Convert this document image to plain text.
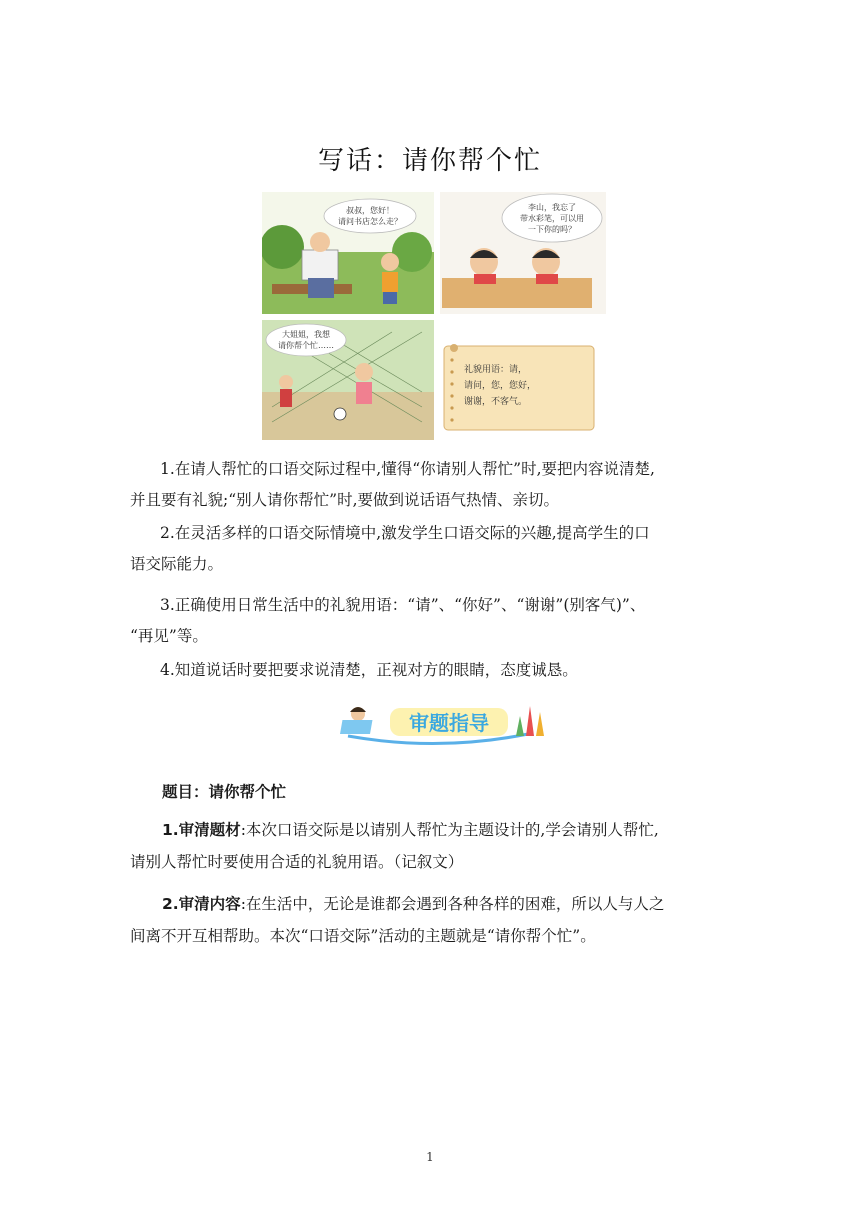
写话：请你帮个忙
叔叔，您好！
请问书店怎么走？
李山，我忘了
带水彩笔，可以用
一下你的吗？
大姐姐，我想
请你帮个忙……
礼貌用语：请，
请问，您，您好，
谢谢，不客气。
1.在请人帮忙的口语交际过程中,懂得“你请别人帮忙”时,要把内容说清楚,
并且要有礼貌;“别人请你帮忙”时,要做到说话语气热情、亲切。
2.在灵活多样的口语交际情境中,激发学生口语交际的兴趣,提高学生的口
语交际能力。
3.正确使用日常生活中的礼貌用语：“请”、“你好”、“谢谢”(别客气)”、
“再见”等。
4.知道说话时要把要求说清楚，正视对方的眼睛，态度诚恳。
审题指导
题目：请你帮个忙
1.审清题材:本次口语交际是以请别人帮忙为主题设计的,学会请别人帮忙,
请别人帮忙时要使用合适的礼貌用语。（记叙文）
2.审清内容:在生活中，无论是谁都会遇到各种各样的困难，所以人与人之
间离不开互相帮助。本次“口语交际”活动的主题就是“请你帮个忙”。
1
